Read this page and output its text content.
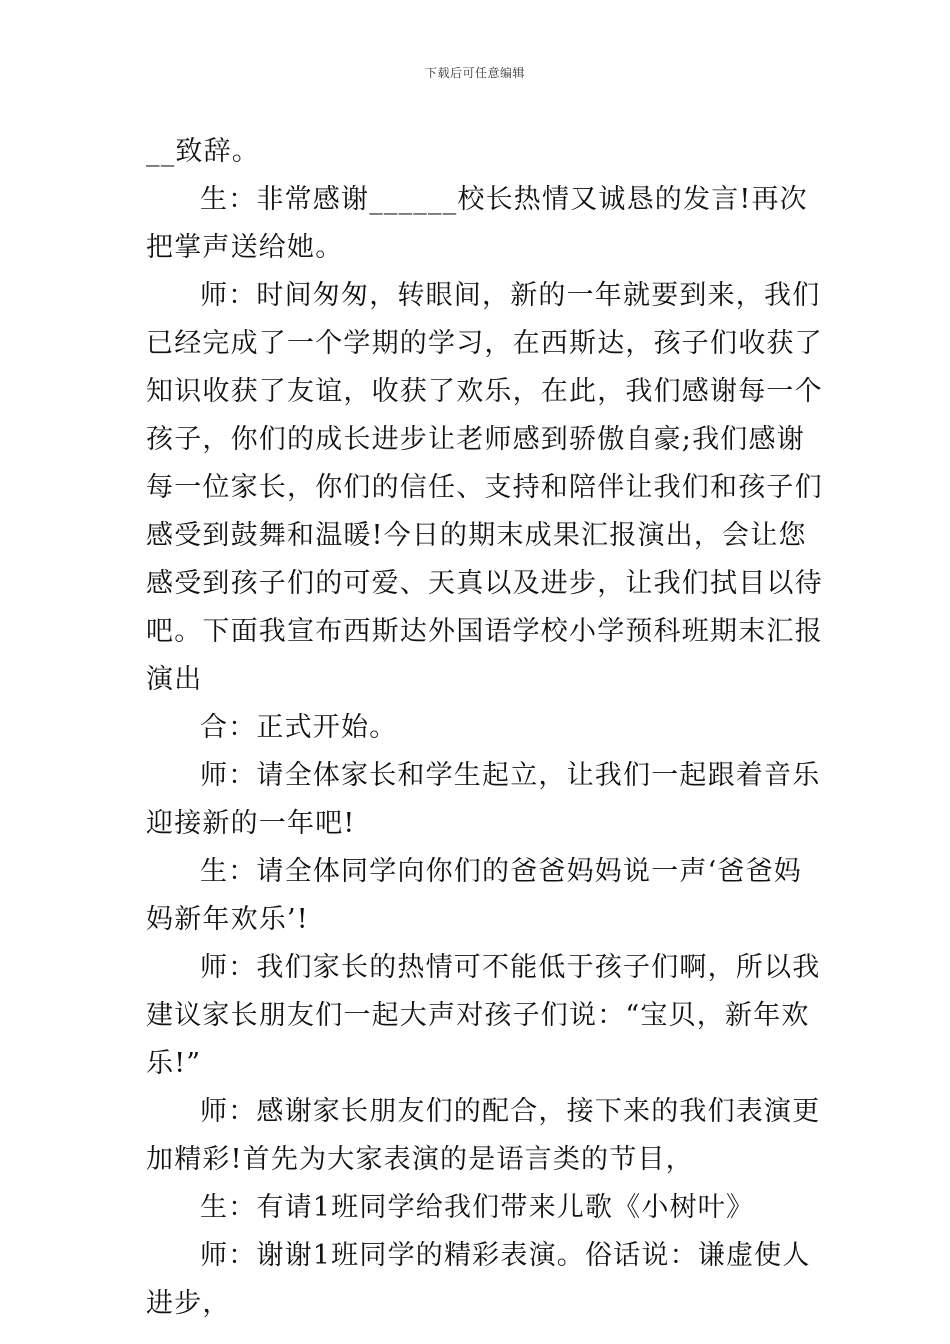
下载后可任意编辑

__致辞。

生：非常感谢______校长热情又诚恳的发言!再次把掌声送给她。

师：时间匆匆，转眼间，新的一年就要到来，我们已经完成了一个学期的学习，在西斯达，孩子们收获了知识收获了友谊，收获了欢乐，在此，我们感谢每一个孩子，你们的成长进步让老师感到骄傲自豪;我们感谢每一位家长，你们的信任、支持和陪伴让我们和孩子们感受到鼓舞和温暖!今日的期末成果汇报演出，会让您感受到孩子们的可爱、天真以及进步，让我们拭目以待吧。下面我宣布西斯达外国语学校小学预科班期末汇报演出

合：正式开始。

师：请全体家长和学生起立，让我们一起跟着音乐迎接新的一年吧!

生：请全体同学向你们的爸爸妈妈说一声‘爸爸妈妈新年欢乐’!

师：我们家长的热情可不能低于孩子们啊，所以我建议家长朋友们一起大声对孩子们说：“宝贝，新年欢乐!”

师：感谢家长朋友们的配合，接下来的我们表演更加精彩!首先为大家表演的是语言类的节目，

生：有请1班同学给我们带来儿歌《小树叶》

师：谢谢1班同学的精彩表演。俗话说：谦虚使人进步，
